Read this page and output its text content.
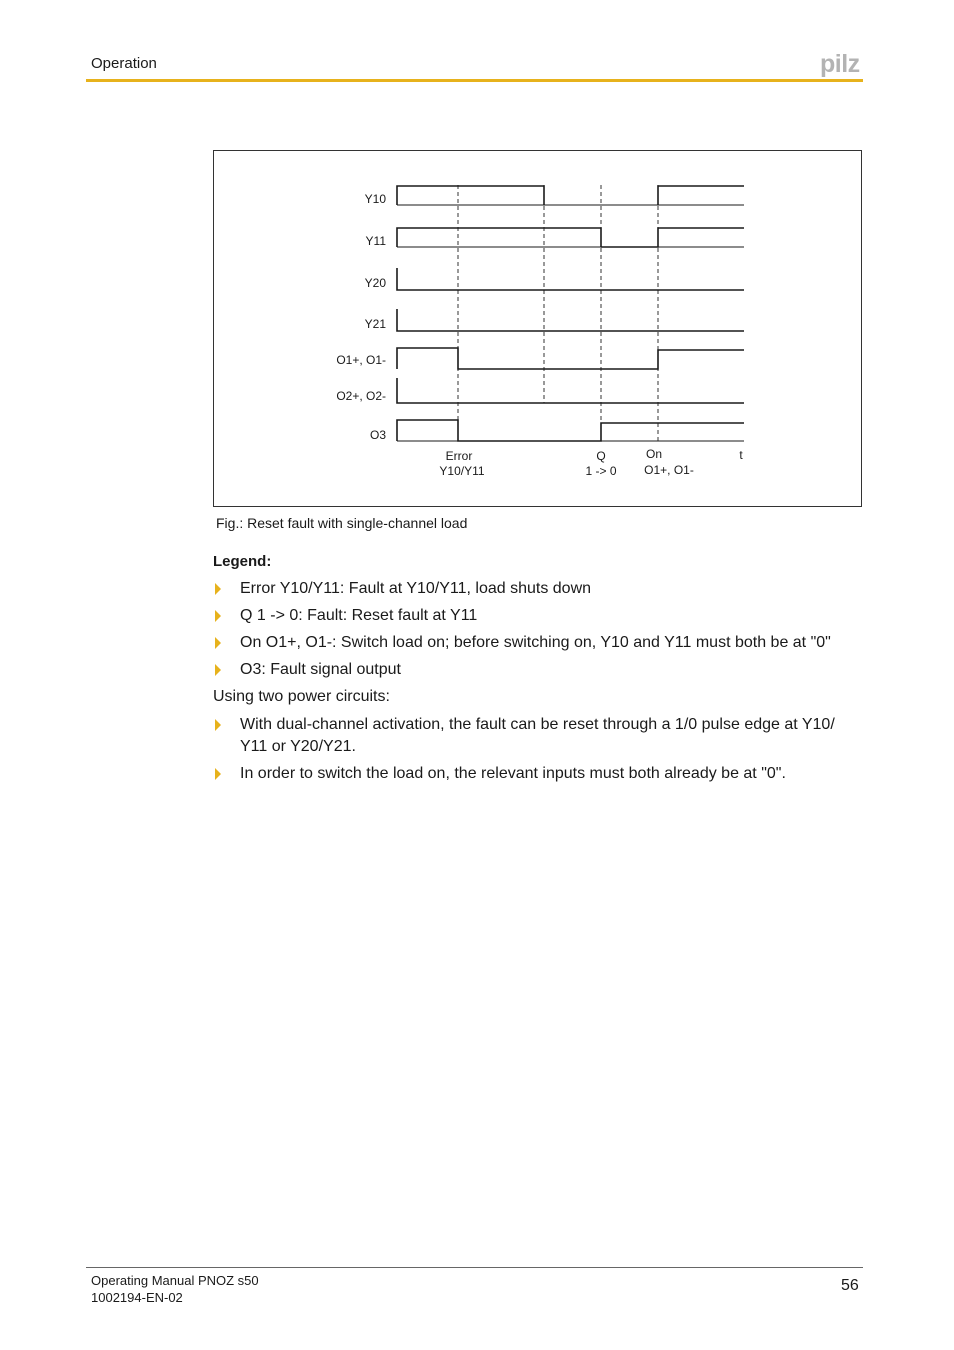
Operation	pilz
Y10
Y11
Y20
Y21
O1+, O1-
O2+, O2-
O3
Error
Y10/Y11
Q
1 -> 0
On
O1+, O1-
t
Fig.: Reset fault with single-channel load
Legend:
Error Y10/Y11: Fault at Y10/Y11, load shuts down
Q 1 -> 0: Fault: Reset fault at Y11
On O1+, O1-: Switch load on; before switching on, Y10 and Y11 must both be at "0"
O3: Fault signal output
Using two power circuits:
With dual-channel activation, the fault can be reset through a 1/0 pulse edge at Y10/ Y11 or Y20/Y21.
In order to switch the load on, the relevant inputs must both already be at "0".
Operating Manual PNOZ s50
1002194-EN-02
56
